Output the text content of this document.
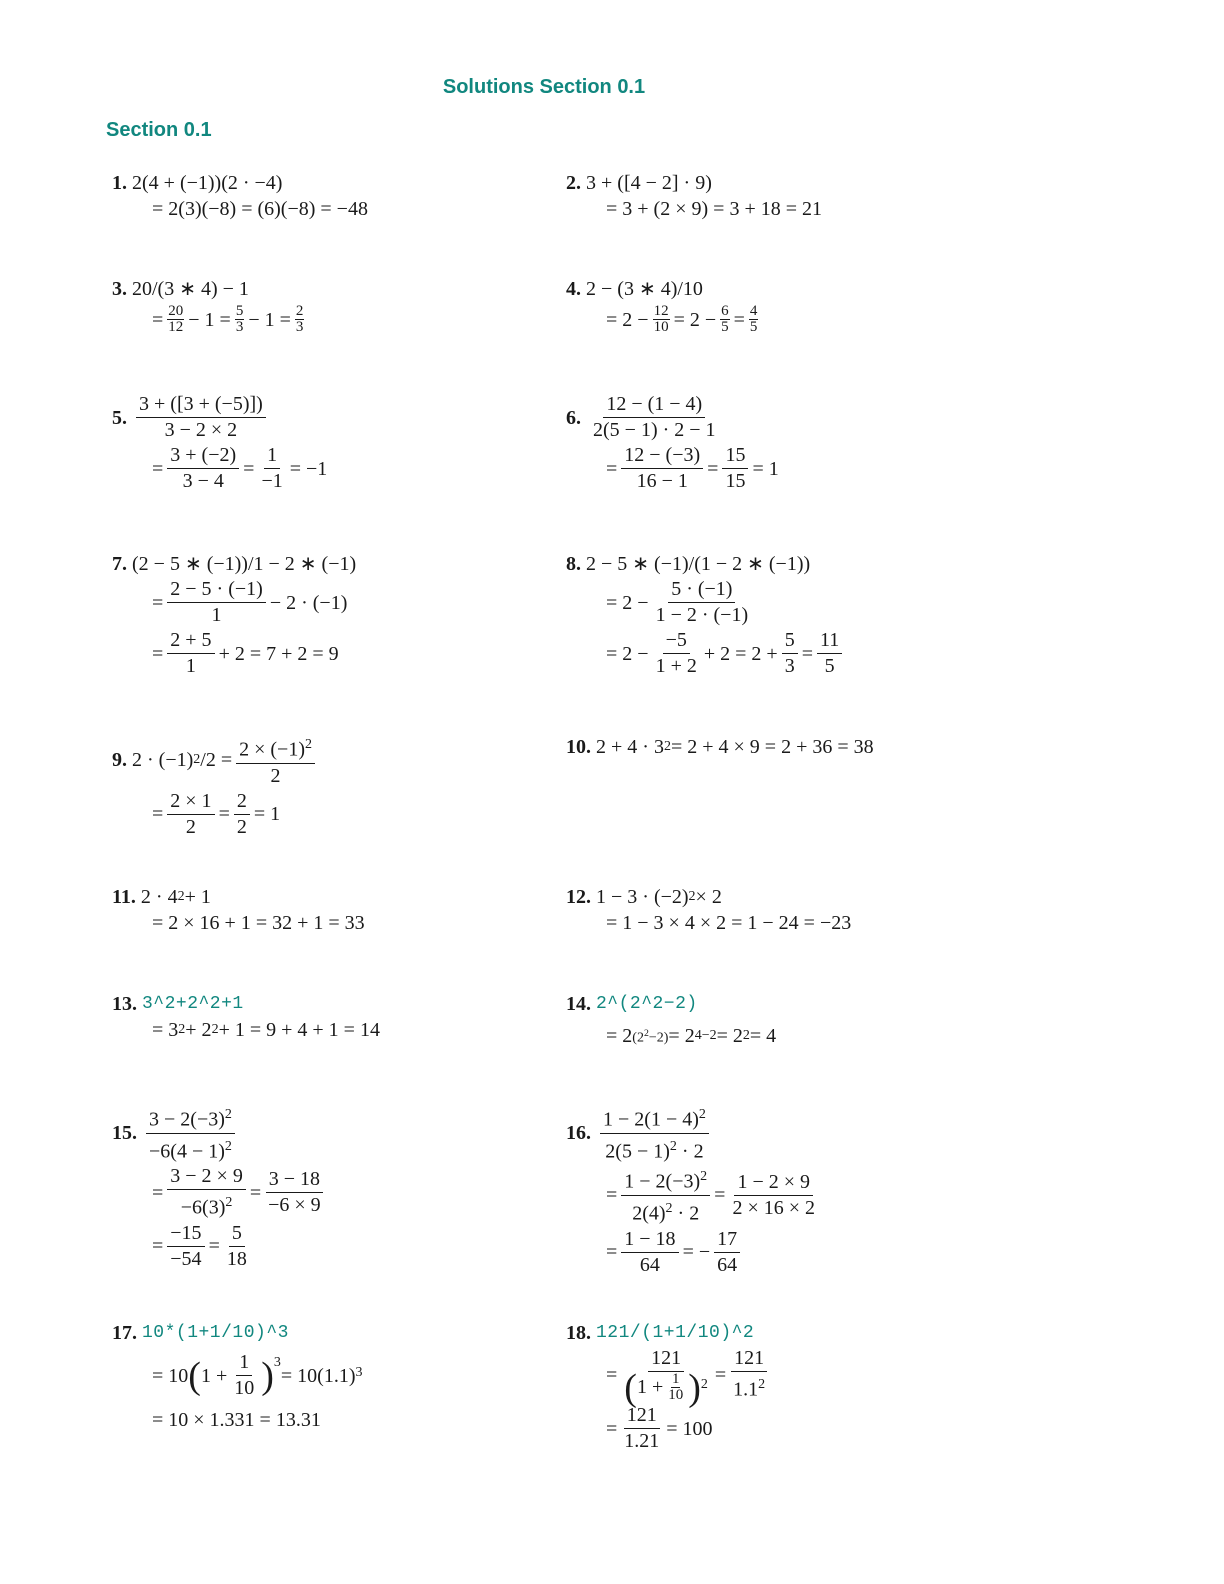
Solutions Section 0.1
Section 0.1
1. 2(4 + (−1))(2 · −4)
= 2(3)(−8) = (6)(−8) = −48
2. 3 + ([4 − 2] · 9)
= 3 + (2 × 9) = 3 + 18 = 21
3. 20/(3 ∗ 4) − 1
= $\frac{20}{12} - 1 = \frac{5}{3} - 1 = \frac{2}{3}$
4. 2 − (3 ∗ 4)/10
= $2 - \frac{12}{10} = 2 - \frac{6}{5} = \frac{4}{5}$
5. $\frac{3 + ([3 + (-5)])}{3 - 2 \times 2}$
= $\frac{3 + (-2)}{3 - 4} = \frac{1}{-1} = -1$
6. $\frac{12 - (1 - 4)}{2(5 - 1) \cdot 2 - 1}$
= $\frac{12 - (-3)}{16 - 1} = \frac{15}{15} = 1$
7. (2 − 5 ∗ (−1))/1 − 2 ∗ (−1)
= $\frac{2 - 5 \cdot (-1)}{1} - 2 \cdot (-1)$
= $\frac{2 + 5}{1} + 2 = 7 + 2 = 9$
8. 2 − 5 ∗ (−1)/(1 − 2 ∗ (−1))
= $2 - \frac{5 \cdot (-1)}{1 - 2 \cdot (-1)}$
= $2 - \frac{-5}{1 + 2} + 2 = 2 + \frac{5}{3} = \frac{11}{5}$
9. 2 · (−1) 2 $/2 = \frac{2 \times (-1)^2}{2}$
= $\frac{2 \times 1}{2} = \frac{2}{2} = 1$
10. 2 + 4 · 3 2 = 2 + 4 × 9 = 2 + 36 = 38
11. 2 · 4 2 + 1
= 2 × 16 + 1 = 32 + 1 = 33
12. 1 − 3 · (−2) 2 × 2
= 1 − 3 × 4 × 2 = 1 − 24 = −23
13. 3^2+2^2+1
= 3 2 + 2 2 + 1 = 9 + 4 + 1 = 14
14. 2^(2^2−2)
= 2 $(2^2-2) = 2$ 4−2 = 2 2 = 4
15. $\frac{3 - 2(-3)^2}{-6(4 - 1)^2}$
= $\frac{3 - 2 \times 9}{-6(3)^2} = \frac{3 - 18}{-6 \times 9}$
= $\frac{-15}{-54} = \frac{5}{18}$
16. $\frac{1 - 2(1 - 4)^2}{2(5 - 1)^2 \cdot 2}$
= $\frac{1 - 2(-3)^2}{2(4)^2 \cdot 2} = \frac{1 - 2 \times 9}{2 \times 16 \times 2}$
= $\frac{1 - 18}{64}$ = − $\frac{17}{64}$
17. 10*(1+1/10)^3
= 10 ( $1 + \frac{1}{10} )^3$
= 10(1.1) 3
= 10 × 1.331 = 13.31
18. 121/(1+1/10)^2
= $\frac{121}{( 1 + \frac{1}{10} ) 2} = \frac{121}{1.1^2}$
= $\frac{121}{1.21} = 100$
